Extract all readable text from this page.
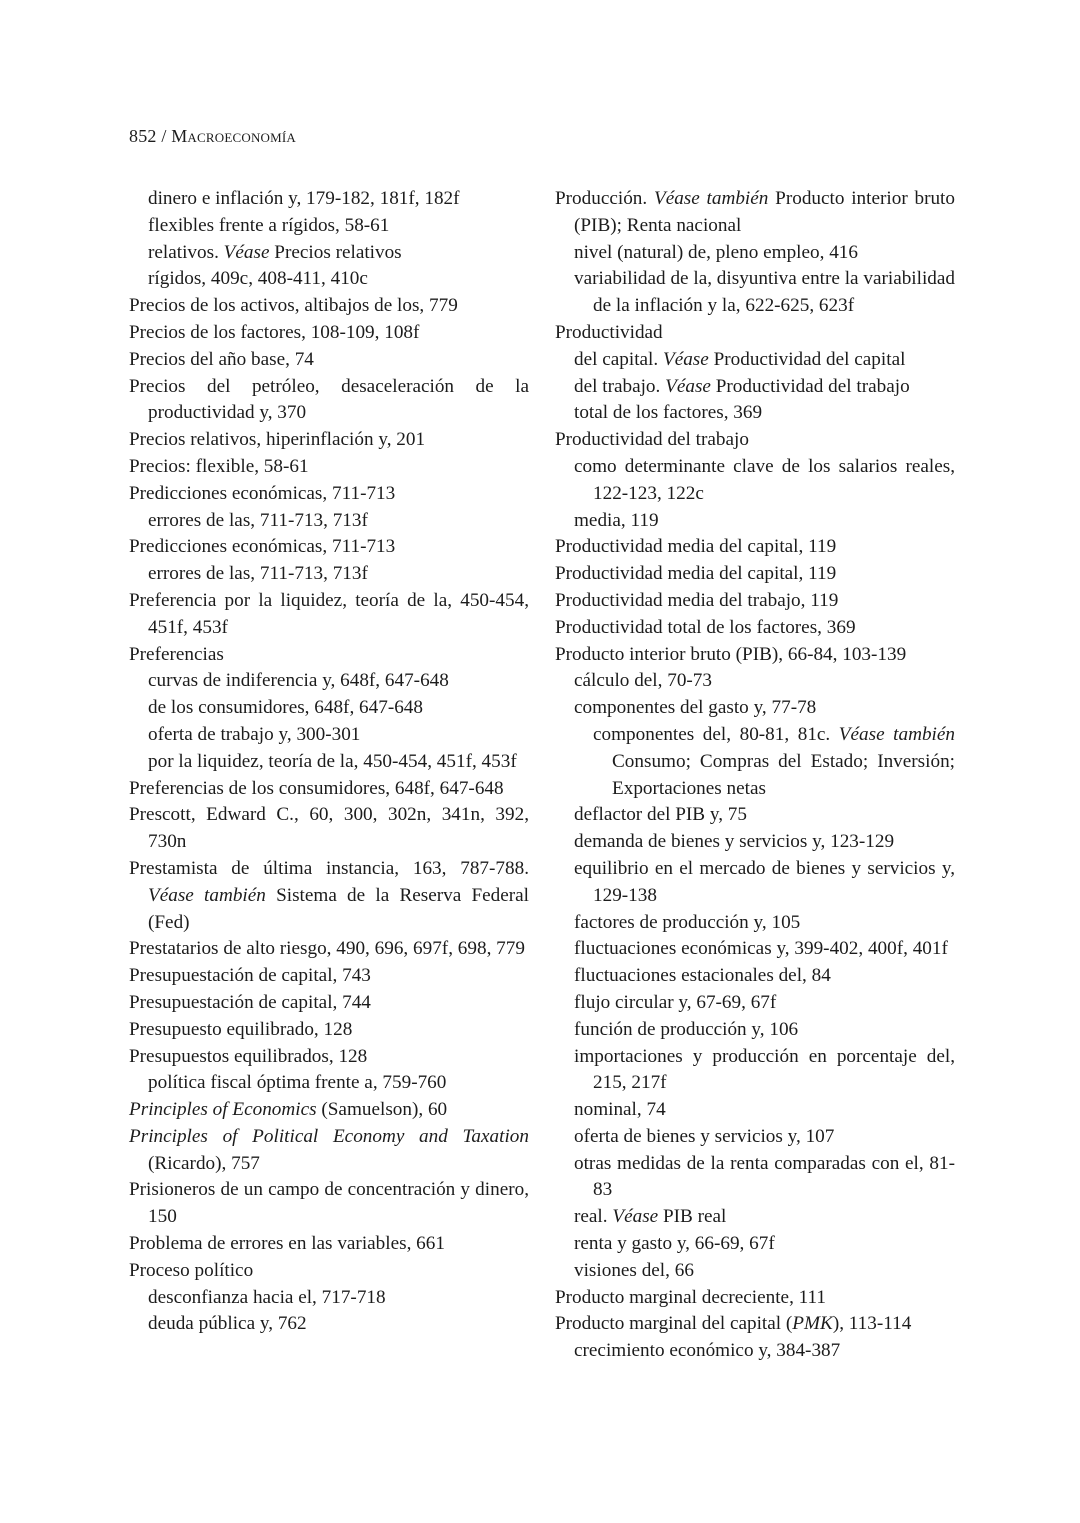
852 / Macroeconomía
dinero e inflación y, 179-182, 181f, 182f
flexibles frente a rígidos, 58-61
relativos. Véase Precios relativos
rígidos, 409c, 408-411, 410c
Precios de los activos, altibajos de los, 779
Precios de los factores, 108-109, 108f
Precios del año base, 74
Precios del petróleo, desaceleración de la productividad y, 370
Precios relativos, hiperinflación y, 201
Precios: flexible, 58-61
Predicciones económicas, 711-713
errores de las, 711-713, 713f
Predicciones económicas, 711-713
errores de las, 711-713, 713f
Preferencia por la liquidez, teoría de la, 450-454, 451f, 453f
Preferencias
curvas de indiferencia y, 648f, 647-648
de los consumidores, 648f, 647-648
oferta de trabajo y, 300-301
por la liquidez, teoría de la, 450-454, 451f, 453f
Preferencias de los consumidores, 648f, 647-648
Prescott, Edward C., 60, 300, 302n, 341n, 392, 730n
Prestamista de última instancia, 163, 787-788. Véase también Sistema de la Reserva Federal (Fed)
Prestatarios de alto riesgo, 490, 696, 697f, 698, 779
Presupuestación de capital, 743
Presupuestación de capital, 744
Presupuesto equilibrado, 128
Presupuestos equilibrados, 128
política fiscal óptima frente a, 759-760
Principles of Economics (Samuelson), 60
Principles of Political Economy and Taxation (Ricardo), 757
Prisioneros de un campo de concentración y dinero, 150
Problema de errores en las variables, 661
Proceso político
desconfianza hacia el, 717-718
deuda pública y, 762
Producción. Véase también Producto interior bruto (PIB); Renta nacional
nivel (natural) de, pleno empleo, 416
variabilidad de la, disyuntiva entre la variabilidad de la inflación y la, 622-625, 623f
Productividad
del capital. Véase Productividad del capital
del trabajo. Véase Productividad del trabajo
total de los factores, 369
Productividad del trabajo
como determinante clave de los salarios reales, 122-123, 122c
media, 119
Productividad media del capital, 119
Productividad media del capital, 119
Productividad media del trabajo, 119
Productividad total de los factores, 369
Producto interior bruto (PIB), 66-84, 103-139
cálculo del, 70-73
componentes del gasto y, 77-78
componentes del, 80-81, 81c. Véase también Consumo; Compras del Estado; Inversión; Exportaciones netas
deflactor del PIB y, 75
demanda de bienes y servicios y, 123-129
equilibrio en el mercado de bienes y servicios y, 129-138
factores de producción y, 105
fluctuaciones económicas y, 399-402, 400f, 401f
fluctuaciones estacionales del, 84
flujo circular y, 67-69, 67f
función de producción y, 106
importaciones y producción en porcentaje del, 215, 217f
nominal, 74
oferta de bienes y servicios y, 107
otras medidas de la renta comparadas con el, 81-83
real. Véase PIB real
renta y gasto y, 66-69, 67f
visiones del, 66
Producto marginal decreciente, 111
Producto marginal del capital (PMK), 113-114
crecimiento económico y, 384-387
